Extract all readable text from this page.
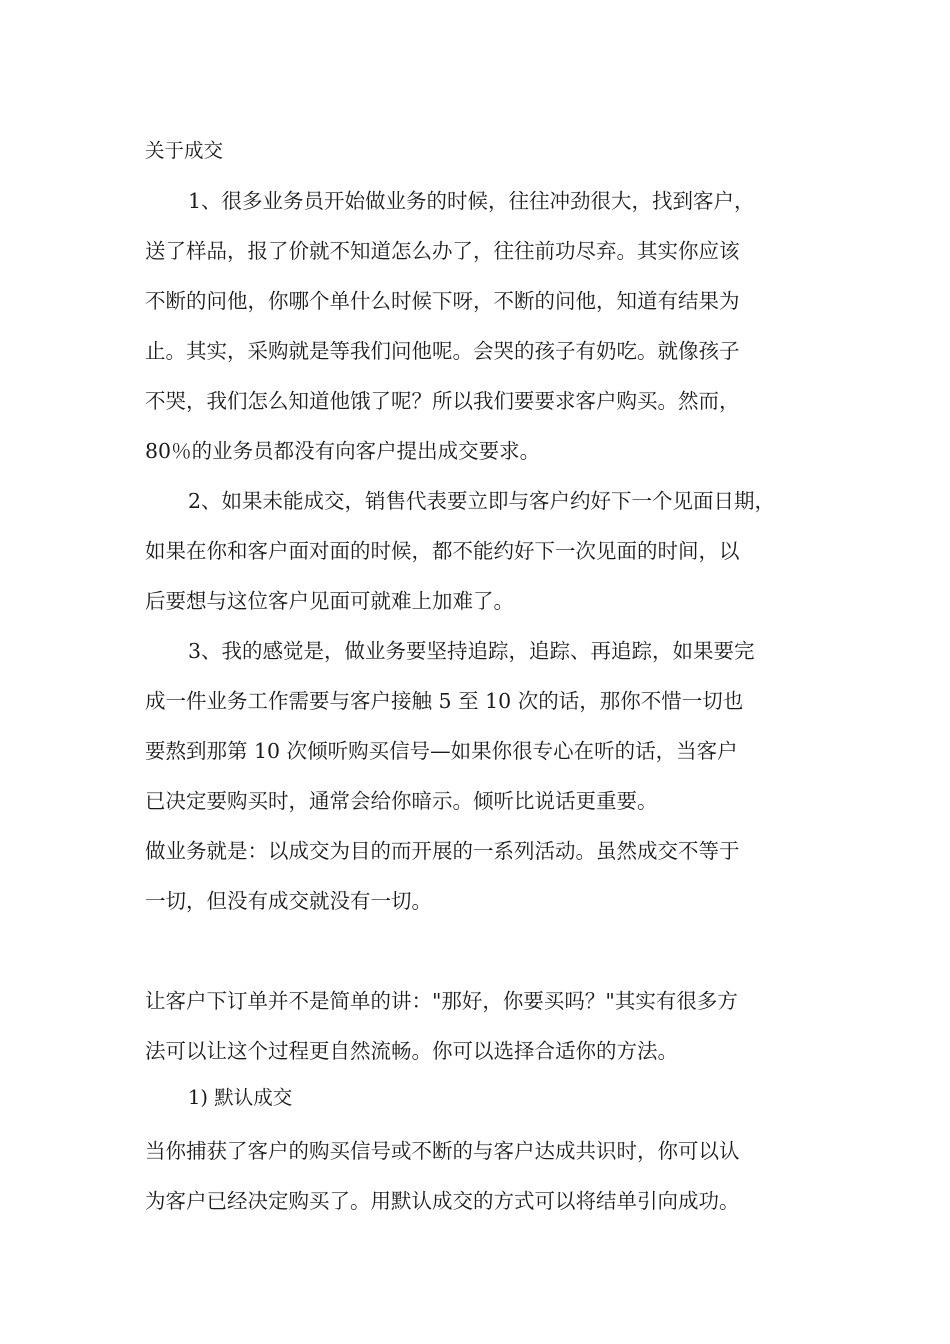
关于成交
1、很多业务员开始做业务的时候，往往冲劲很大，找到客户，
送了样品，报了价就不知道怎么办了，往往前功尽弃。其实你应该
不断的问他，你哪个单什么时候下呀，不断的问他，知道有结果为
止。其实，采购就是等我们问他呢。会哭的孩子有奶吃。就像孩子
不哭，我们怎么知道他饿了呢？所以我们要要求客户购买。然而，
80％的业务员都没有向客户提出成交要求。
2、如果未能成交，销售代表要立即与客户约好下一个见面日期，
如果在你和客户面对面的时候，都不能约好下一次见面的时间，以
后要想与这位客户见面可就难上加难了。
3、我的感觉是，做业务要坚持追踪，追踪、再追踪，如果要完
成一件业务工作需要与客户接触 5 至 10 次的话，那你不惜一切也
要熬到那第 10 次倾听购买信号—如果你很专心在听的话，当客户
已决定要购买时，通常会给你暗示。倾听比说话更重要。
做业务就是：以成交为目的而开展的一系列活动。虽然成交不等于
一切，但没有成交就没有一切。
让客户下订单并不是简单的讲："那好，你要买吗？"其实有很多方
法可以让这个过程更自然流畅。你可以选择合适你的方法。
1) 默认成交
当你捕获了客户的购买信号或不断的与客户达成共识时，你可以认
为客户已经决定购买了。用默认成交的方式可以将结单引向成功。
